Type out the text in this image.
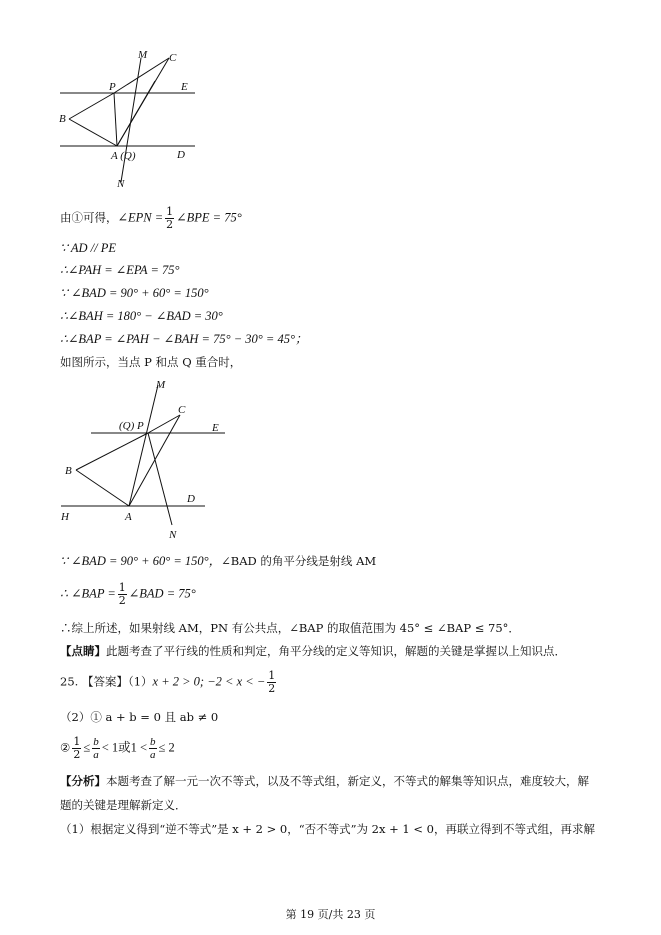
M C
P	E
B
A (Q)	D
N
由①可得，∠EPN = $\frac{1}{2}$ ∠BPE = 75°
∵ AD // PE
∴∠PAH = ∠EPA = 75°
∵ ∠BAD = 90° + 60° = 150°
∴∠BAH = 180° − ∠BAD = 30°
∴∠BAP = ∠PAH − ∠BAH = 75° − 30° = 45°；
如图所示，当点 P 和点 Q 重合时，
M
C
(Q) P	E
B
D
H	A
N
∵ ∠BAD = 90° + 60° = 150°，∠BAD 的角平分线是射线 AM
∴ ∠BAP = $\frac{1}{2}$ ∠BAD = 75°
∴综上所述，如果射线 AM，PN 有公共点，∠BAP 的取值范围为 45° ≤ ∠BAP ≤ 75°．
【点睛】此题考查了平行线的性质和判定，角平分线的定义等知识，解题的关键是掌握以上知识点．
25. 【答案】（1）x + 2 > 0; −2 < x < − $\frac{1}{2}$
（2）① a + b = 0 且 ab ≠ 0
② $\frac{1}{2} \le \frac{b}{a} < 1$或$1 < \frac{b}{a} \le 2$
【分析】本题考查了解一元一次不等式，以及不等式组，新定义，不等式的解集等知识点，难度较大，解
题的关键是理解新定义．
（1）根据定义得到“逆不等式”是 x + 2 > 0，“否不等式”为 2x + 1 < 0，再联立得到不等式组，再求解
第 19 页/共 23 页
